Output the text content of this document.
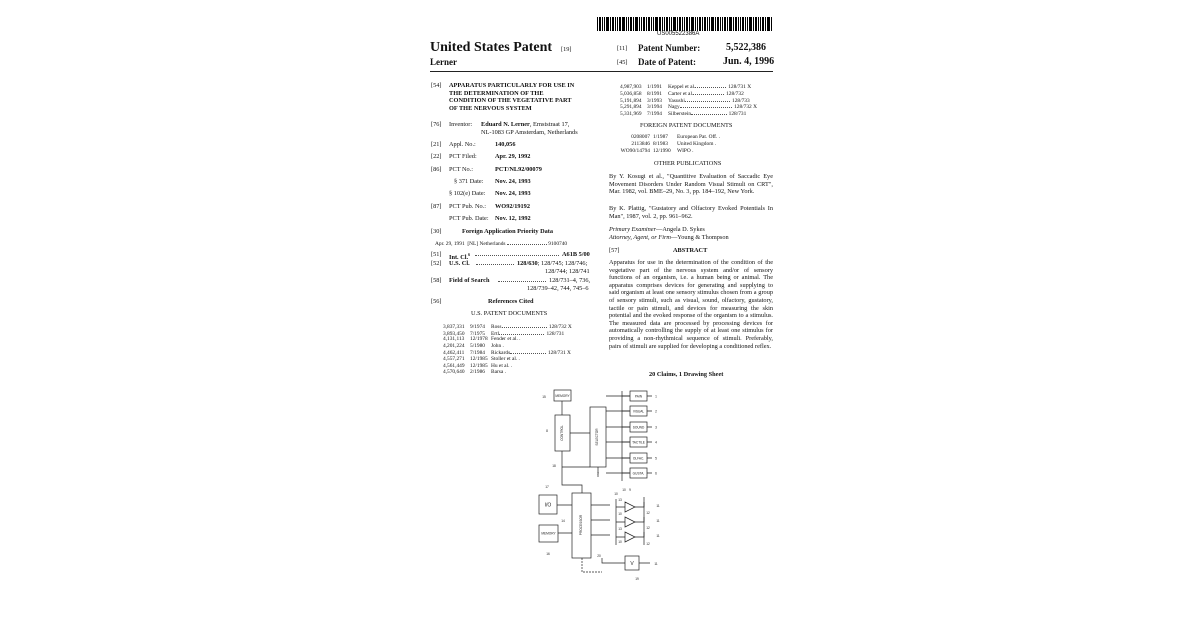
US005522386A
United States Patent [19]
Lerner
[11] Patent Number:	5,522,386
[45] Date of Patent:	Jun. 4, 1996
[54] APPARATUS PARTICULARLY FOR USE IN
THE DETERMINATION OF THE
CONDITION OF THE VEGETATIVE PART
OF THE NERVOUS SYSTEM
[76] Inventor: Eduard N. Lerner, Ernststraat 17,
NL-1083 GP Amsterdam, Netherlands
[21] Appl. No.:	140,056
[22] PCT Filed:	Apr. 29, 1992
[86] PCT No.:	PCT/NL92/00079
§ 371 Date: Nov. 24, 1993
§ 102(e) Date: Nov. 24, 1993
[87] PCT Pub. No.: WO92/19192
PCT Pub. Date: Nov. 12, 1992
[30]	Foreign Application Priority Data
Apr. 29, 1991 [NL] Netherlands	9100740
[51] Int. Cl.$^6$	A61B 5/00
[52] U.S. Cl.	128/630; 128/745; 128/746;
128/744; 128/741
[58] Field of Search	128/731–4, 736,
128/739–42, 744, 745–6
[56]	References Cited
U.S. PATENT DOCUMENTS
3,837,331 9/1974 Ross	128/732 X
3,893,450 7/1975 Ertl	128/731
4,131,113 12/1978 Fender et al. .
4,201,224 5/1980 John .
4,462,411 7/1984 Rickards	128/731 X
4,557,271 12/1985 Stoller et al. .
4,561,449 12/1985 Hu et al. .
4,570,640 2/1986 Barsa .
4,987,903 1/1991 Keppel et al.	128/731 X
5,036,858 8/1991 Carter et al.	128/732
5,191,894 3/1993 Yasushi	128/733
5,291,894 3/1994 Nagy	128/732 X
5,331,969 7/1994 Silberstein	128/731
FOREIGN PATENT DOCUMENTS
0208007 1/1987 European Pat. Off. .
2113846 8/1983 United Kingdom .
WO90/14794 12/1990 WIPO .
OTHER PUBLICATIONS
By Y. Kosugi et al., "Quantitive Evaluation of Saccadic Eye Movement Disorders Under Random Visual Stimuli on CRT", Mar. 1982, vol. BME–29, No. 3, pp. 184–192, New York.
By K. Plattig, "Gustatory and Olfactory Evoked Potentials In Man", 1987, vol. 2, pp. 961–962.
Primary Examiner—Angela D. Sykes
Attorney, Agent, or Firm—Young & Thompson
[57]	ABSTRACT
Apparatus for use in the determination of the condition of the vegetative part of the nervous system and/or of sensory functions of an organism, i.e. a human being or animal. The apparatus comprises devices for generating and supplying to said organism at least one sensory stimulus chosen from a group of sensory stimuli, such as visual, sound, olfactory, gustatory, tactile or pain stimuli, and devices for measuring the skin potential and the evoked response of the organism to a stimulus. The measured data are processed by processing devices for automatically controlling the supply of at least one stimulus for providing a non-rhythmical sequence of stimuli. Preferably, pairs of stimuli are supplied for developing a conditioned reflex.
20 Claims, 1 Drawing Sheet
MEMORY
CONTROL	SELECTOR
PAIN
VISUAL
SOUND
TACTILE
OLFAC.
GUSTA.
I/O
MEMORY	PROCESSOR
V
1
2
3
4
5
6
15
8
18
17
14
16	20
19
7
13
13
10
10
10 9
11
11
11
11
12
12
12
10
